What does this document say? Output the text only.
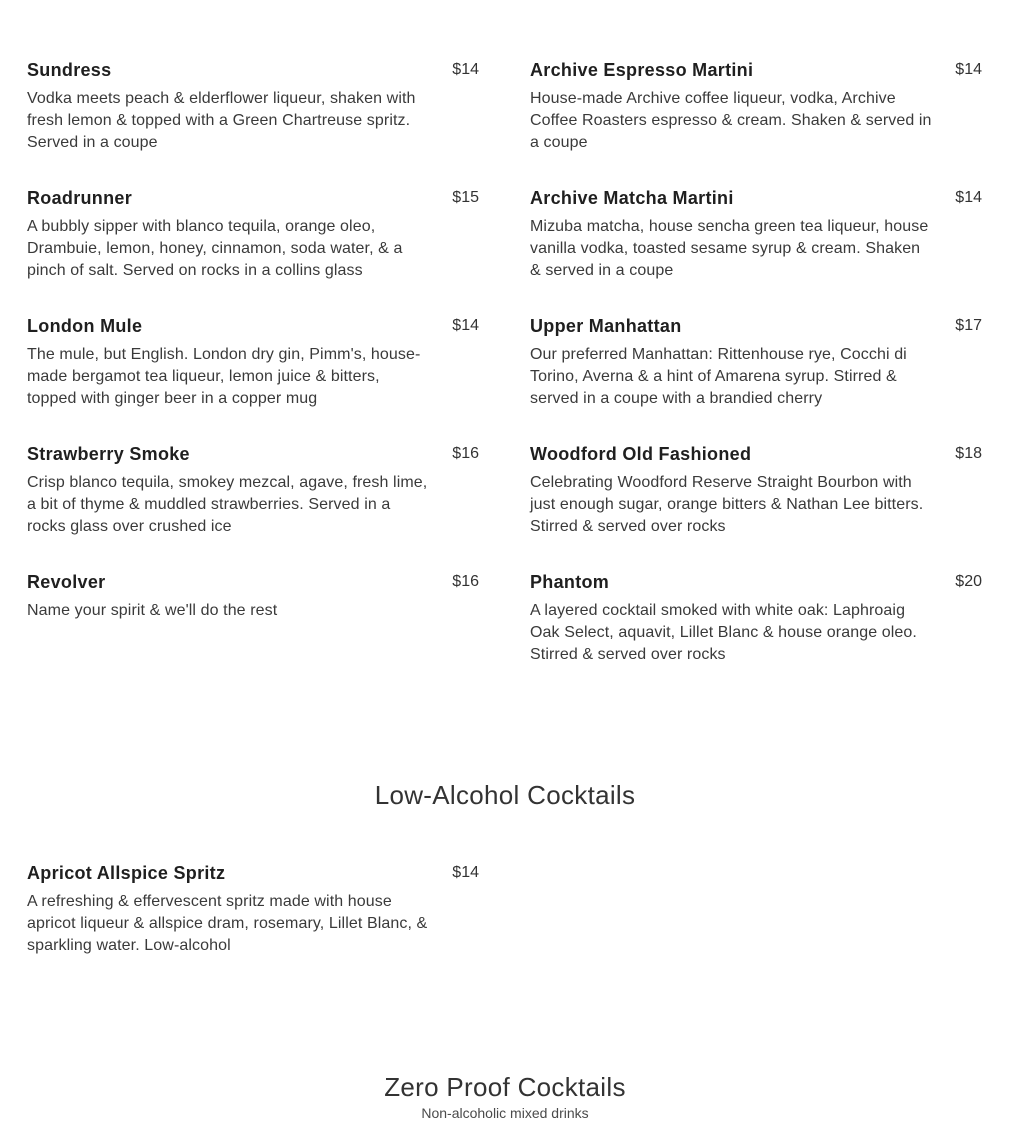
Sundress	$14
Vodka meets peach & elderflower liqueur, shaken with fresh lemon & topped with a Green Chartreuse spritz. Served in a coupe
Archive Espresso Martini	$14
House-made Archive coffee liqueur, vodka, Archive Coffee Roasters espresso & cream. Shaken & served in a coupe
Roadrunner	$15
A bubbly sipper with blanco tequila, orange oleo, Drambuie, lemon, honey, cinnamon, soda water, & a pinch of salt. Served on rocks in a collins glass
Archive Matcha Martini	$14
Mizuba matcha, house sencha green tea liqueur, house vanilla vodka, toasted sesame syrup & cream. Shaken & served in a coupe
London Mule	$14
The mule, but English. London dry gin, Pimm's, house-made bergamot tea liqueur, lemon juice & bitters, topped with ginger beer in a copper mug
Upper Manhattan	$17
Our preferred Manhattan: Rittenhouse rye, Cocchi di Torino, Averna & a hint of Amarena syrup. Stirred & served in a coupe with a brandied cherry
Strawberry Smoke	$16
Crisp blanco tequila, smokey mezcal, agave, fresh lime, a bit of thyme & muddled strawberries. Served in a rocks glass over crushed ice
Woodford Old Fashioned	$18
Celebrating Woodford Reserve Straight Bourbon with just enough sugar, orange bitters & Nathan Lee bitters. Stirred & served over rocks
Revolver	$16
Name your spirit & we'll do the rest
Phantom	$20
A layered cocktail smoked with white oak: Laphroaig Oak Select, aquavit, Lillet Blanc & house orange oleo. Stirred & served over rocks
Low-Alcohol Cocktails
Apricot Allspice Spritz	$14
A refreshing & effervescent spritz made with house apricot liqueur & allspice dram, rosemary, Lillet Blanc, & sparkling water. Low-alcohol
Zero Proof Cocktails
Non-alcoholic mixed drinks
